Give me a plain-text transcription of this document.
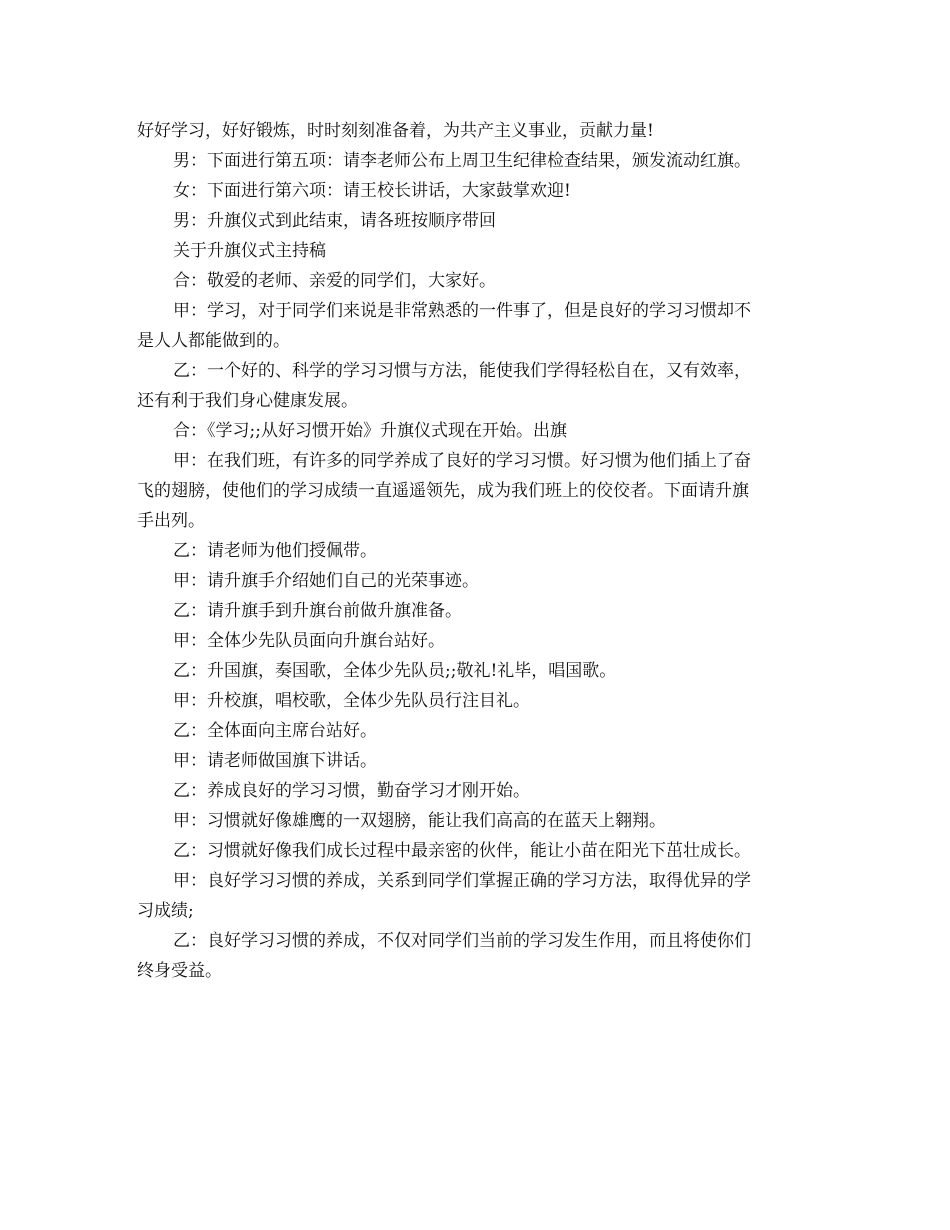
好好学习，好好锻炼，时时刻刻准备着，为共产主义事业，贡献力量!
男：下面进行第五项：请李老师公布上周卫生纪律检查结果，颁发流动红旗。
女：下面进行第六项：请王校长讲话，大家鼓掌欢迎!
男：升旗仪式到此结束，请各班按顺序带回
关于升旗仪式主持稿
合：敬爱的老师、亲爱的同学们，大家好。
甲：学习，对于同学们来说是非常熟悉的一件事了，但是良好的学习习惯却不
是人人都能做到的。
乙：一个好的、科学的学习习惯与方法，能使我们学得轻松自在，又有效率，
还有利于我们身心健康发展。
合：《学习;;从好习惯开始》升旗仪式现在开始。出旗
甲：在我们班，有许多的同学养成了良好的学习习惯。好习惯为他们插上了奋
飞的翅膀，使他们的学习成绩一直遥遥领先，成为我们班上的佼佼者。下面请升旗
手出列。
乙：请老师为他们授佩带。
甲：请升旗手介绍她们自己的光荣事迹。
乙：请升旗手到升旗台前做升旗准备。
甲：全体少先队员面向升旗台站好。
乙：升国旗，奏国歌，全体少先队员;;敬礼!礼毕，唱国歌。
甲：升校旗，唱校歌，全体少先队员行注目礼。
乙：全体面向主席台站好。
甲：请老师做国旗下讲话。
乙：养成良好的学习习惯，勤奋学习才刚开始。
甲：习惯就好像雄鹰的一双翅膀，能让我们高高的在蓝天上翱翔。
乙：习惯就好像我们成长过程中最亲密的伙伴，能让小苗在阳光下茁壮成长。
甲：良好学习习惯的养成，关系到同学们掌握正确的学习方法，取得优异的学
习成绩;
乙：良好学习习惯的养成，不仅对同学们当前的学习发生作用，而且将使你们
终身受益。
